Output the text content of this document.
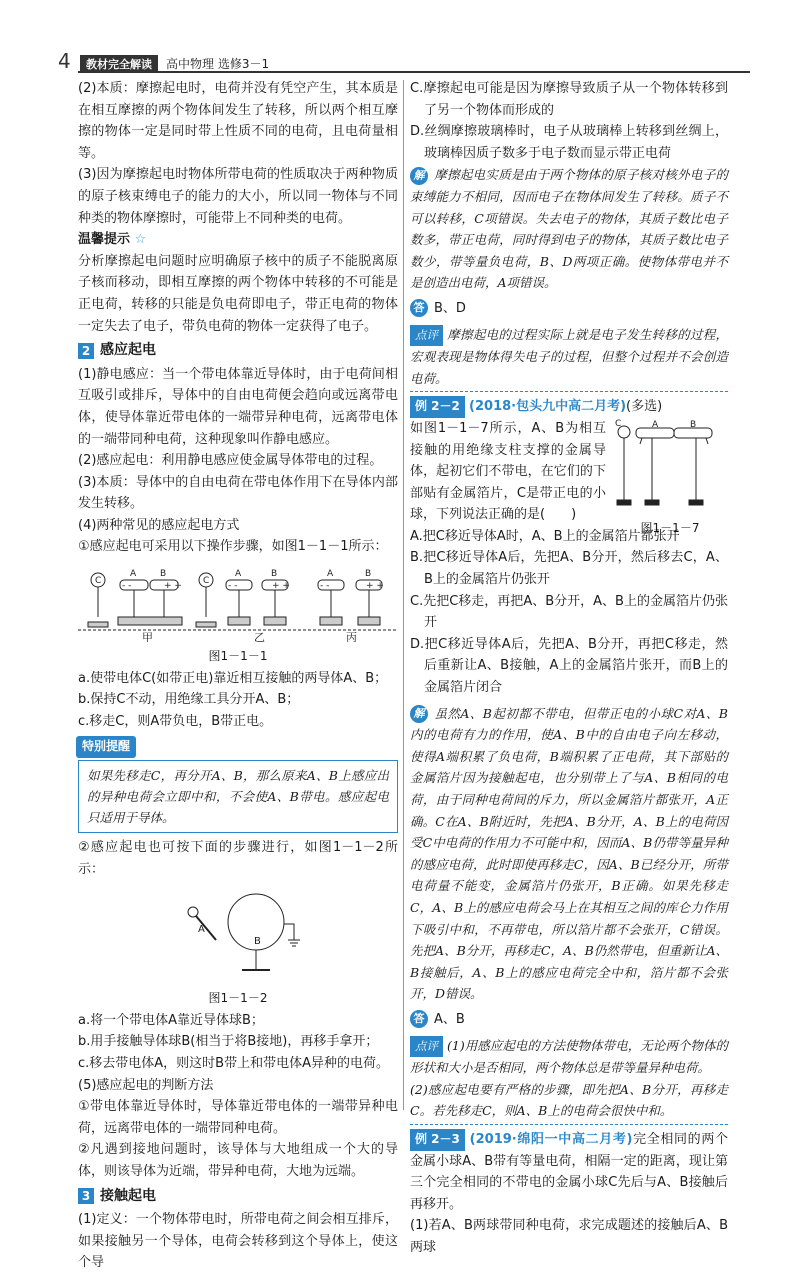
4	教材完全解读	高中物理 选修3－1

(2)本质：摩擦起电时，电荷并没有凭空产生，其本质是在相互摩擦的两个物体间发生了转移，所以两个相互摩擦的物体一定是同时带上性质不同的电荷，且电荷量相等。

(3)因为摩擦起电时物体所带电荷的性质取决于两种物质的原子核束缚电子的能力的大小，所以同一物体与不同种类的物体摩擦时，可能带上不同种类的电荷。

温馨提示 ☆

分析摩擦起电问题时应明确原子核中的质子不能脱离原子核而移动，即相互摩擦的两个物体中转移的不可能是正电荷，转移的只能是负电荷即电子，带正电荷的物体一定失去了电子，带负电荷的物体一定获得了电子。

2 感应起电

(1)静电感应：当一个带电体靠近导体时，由于电荷间相互吸引或排斥，导体中的自由电荷便会趋向或远离带电体，使导体靠近带电体的一端带异种电荷，远离带电体的一端带同种电荷，这种现象叫作静电感应。

(2)感应起电：利用静电感应使金属导体带电的过程。

(3)本质：导体中的自由电荷在带电体作用下在导体内部发生转移。

(4)两种常见的感应起电方式

①感应起电可采用以下操作步骤，如图1－1－1所示：

C	C
A	B	A	B	A	B
- -	+ +	- -	+ +	- -	+ +
甲	乙	丙

图1－1－1

a.使带电体C(如带正电)靠近相互接触的两导体A、B；

b.保持C不动，用绝缘工具分开A、B；

c.移走C，则A带负电，B带正电。

特别提醒

如果先移走C，再分开A、B，那么原来A、B上感应出的异种电荷会立即中和，不会使A、B带电。感应起电只适用于导体。

②感应起电也可按下面的步骤进行，如图1－1－2所示：

A
B

图1－1－2

a.将一个带电体A靠近导体球B；

b.用手接触导体球B(相当于将B接地)，再移手拿开；

c.移去带电体A，则这时B带上和带电体A异种的电荷。

(5)感应起电的判断方法

①带电体靠近导体时，导体靠近带电体的一端带异种电荷，远离带电体的一端带同种电荷。

②凡遇到接地问题时，该导体与大地组成一个大的导体，则该导体为近端，带异种电荷，大地为远端。

3 接触起电

(1)定义：一个物体带电时，所带电荷之间会相互排斥，如果接触另一个导体，电荷会转移到这个导体上，使这个导

C.摩擦起电可能是因为摩擦导致质子从一个物体转移到了另一个物体而形成的

D.丝绸摩擦玻璃棒时，电子从玻璃棒上转移到丝绸上，玻璃棒因质子数多于电子数而显示带正电荷

解 摩擦起电实质是由于两个物体的原子核对核外电子的束缚能力不相同，因而电子在物体间发生了转移。质子不可以转移，C项错误。失去电子的物体，其质子数比电子数多，带正电荷，同时得到电子的物体，其质子数比电子数少，带等量负电荷，B、D两项正确。使物体带电并不是创造出电荷，A项错误。

答 B、D

点评 摩擦起电的过程实际上就是电子发生转移的过程，宏观表现是物体得失电子的过程，但整个过程并不会创造电荷。

例 2－2 (2018·包头九中高二月考)(多选)

C	A	B

图1－1－7

如图1－1－7所示，A、B为相互接触的用绝缘支柱支撑的金属导体，起初它们不带电，在它们的下部贴有金属箔片，C是带正电的小球，下列说法正确的是(　　)

A.把C移近导体A时，A、B上的金属箔片都张开

B.把C移近导体A后，先把A、B分开，然后移去C，A、B上的金属箔片仍张开

C.先把C移走，再把A、B分开，A、B上的金属箔片仍张开

D.把C移近导体A后，先把A、B分开，再把C移走，然后重新让A、B接触，A上的金属箔片张开，而B上的金属箔片闭合

解 虽然A、B起初都不带电，但带正电的小球C对A、B内的电荷有力的作用，使A、B中的自由电子向左移动，使得A端积累了负电荷，B端积累了正电荷，其下部贴的金属箔片因为接触起电，也分别带上了与A、B相同的电荷，由于同种电荷间的斥力，所以金属箔片都张开，A正确。C在A、B附近时，先把A、B分开，A、B上的电荷因受C中电荷的作用力不可能中和，因而A、B仍带等量异种的感应电荷，此时即使再移走C，因A、B已经分开，所带电荷量不能变，金属箔片仍张开，B正确。如果先移走C，A、B上的感应电荷会马上在其相互之间的库仑力作用下吸引中和，不再带电，所以箔片都不会张开，C错误。先把A、B分开，再移走C，A、B仍然带电，但重新让A、B接触后，A、B上的感应电荷完全中和，箔片都不会张开，D错误。

答 A、B

点评 (1)用感应起电的方法使物体带电，无论两个物体的形状和大小是否相同，两个物体总是带等量异种电荷。

(2)感应起电要有严格的步骤，即先把A、B分开，再移走C。若先移走C，则A、B上的电荷会很快中和。

例 2－3 (2019·绵阳一中高二月考)完全相同的两个金属小球A、B带有等量电荷，相隔一定的距离，现让第三个完全相同的不带电的金属小球C先后与A、B接触后再移开。

(1)若A、B两球带同种电荷，求完成题述的接触后A、B两球
